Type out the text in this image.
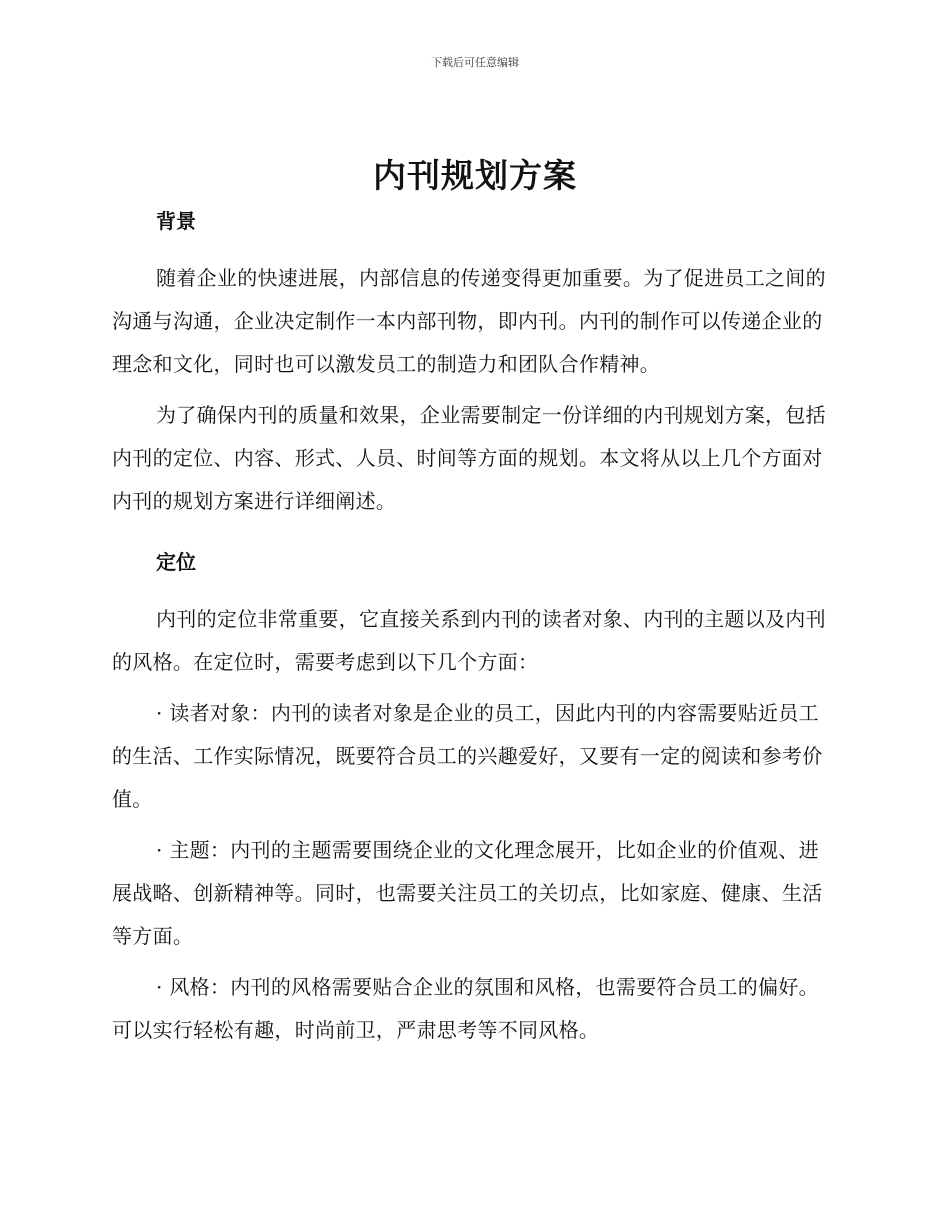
下载后可任意编辑
内刊规划方案
背景

随着企业的快速进展，内部信息的传递变得更加重要。为了促进员工之间的沟通与沟通，企业决定制作一本内部刊物，即内刊。内刊的制作可以传递企业的理念和文化，同时也可以激发员工的制造力和团队合作精神。

为了确保内刊的质量和效果，企业需要制定一份详细的内刊规划方案，包括内刊的定位、内容、形式、人员、时间等方面的规划。本文将从以上几个方面对内刊的规划方案进行详细阐述。

定位

内刊的定位非常重要，它直接关系到内刊的读者对象、内刊的主题以及内刊的风格。在定位时，需要考虑到以下几个方面：

· 读者对象：内刊的读者对象是企业的员工，因此内刊的内容需要贴近员工的生活、工作实际情况，既要符合员工的兴趣爱好，又要有一定的阅读和参考价值。

· 主题：内刊的主题需要围绕企业的文化理念展开，比如企业的价值观、进展战略、创新精神等。同时，也需要关注员工的关切点，比如家庭、健康、生活等方面。

· 风格：内刊的风格需要贴合企业的氛围和风格，也需要符合员工的偏好。可以实行轻松有趣，时尚前卫，严肃思考等不同风格。
